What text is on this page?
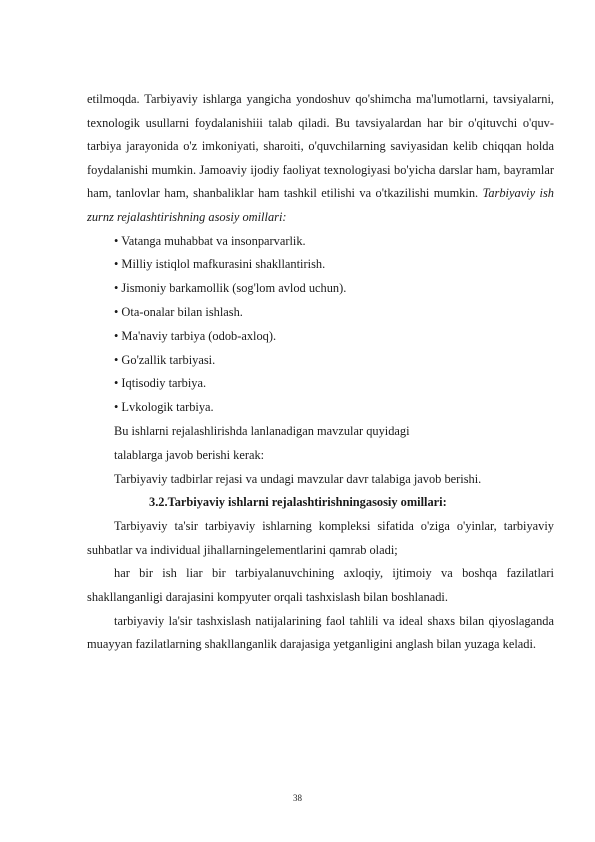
etilmoqda. Tarbiyaviy ishlarga yangicha yondoshuv qo'shimcha ma'lumotlarni, tavsiyalarni, texnologik usullarni foydalanishiii talab qiladi. Bu tavsiyalardan har bir o'qituvchi o'quv-tarbiya jarayonida o'z imkoniyati, sharoiti, o'quvchilarning saviyasidan kelib chiqqan holda foydalanishi mumkin. Jamoaviy ijodiy faoliyat texnologiyasi bo'yicha darslar ham, bayramlar ham, tanlovlar ham, shanbaliklar ham tashkil etilishi va o'tkazilishi mumkin. Tarbiyaviy ish zurnz rejalashtirishning asosiy omillari:

• Vatanga muhabbat va insonparvarlik.

• Milliy istiqlol mafkurasini shakllantirish.

• Jismoniy barkamollik (sog'lom avlod uchun).

• Ota-onalar bilan ishlash.

• Ma'naviy tarbiya (odob-axloq).

• Go'zallik tarbiyasi.

• Iqtisodiy tarbiya.

• Lvkologik tarbiya.

Bu ishlarni rejalashlirishda lanlanadigan mavzular quyidagi

talablarga javob berishi kerak:

Tarbiyaviy tadbirlar rejasi va undagi mavzular davr talabiga javob berishi.

3.2.Tarbiyaviy ishlarni rejalashtirishningasosiy omillari:

Tarbiyaviy ta'sir tarbiyaviy ishlarning kompleksi sifatida o'ziga o'yinlar, tarbiyaviy suhbatlar va individual jihallarningelementlarini qamrab oladi;

har bir ish liar bir tarbiyalanuvchining axloqiy, ijtimoiy va boshqa fazilatlari shakllanganligi darajasini kompyuter orqali tashxislash bilan boshlanadi.

tarbiyaviy la'sir tashxislash natijalarining faol tahlili va ideal shaxs bilan qiyoslaganda muayyan fazilatlarning shakllanganlik darajasiga yetganligini anglash bilan yuzaga keladi.

38
